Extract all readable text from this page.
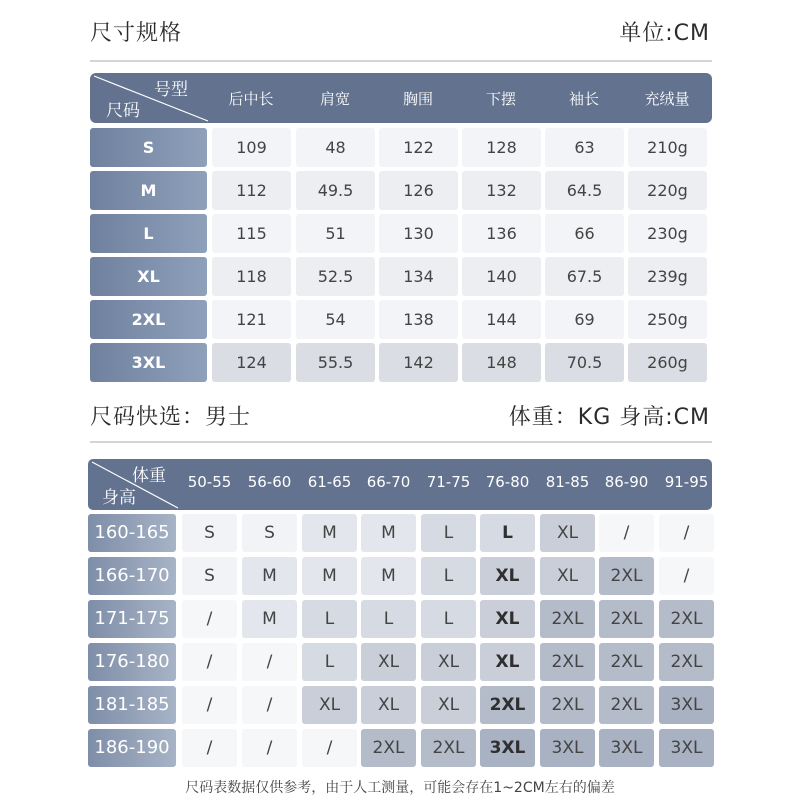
尺寸规格	单位:CM
号型
尺码
后中长	肩宽	胸围	下摆	袖长	充绒量
S	109	48	122	128	63	210g
M	112	49.5	126	132	64.5	220g
L	115	51	130	136	66	230g
XL	118	52.5	134	140	67.5	239g
2XL	121	54	138	144	69	250g
3XL	124	55.5	142	148	70.5	260g
尺码快选：男士	体重：KG 身高:CM
体重
身高
50-55	56-60	61-65	66-70	71-75	76-80	81-85	86-90	91-95
160-165	S	S	M	M	L	L	XL	/	/
166-170	S	M	M	M	L	XL	XL	2XL	/
171-175	/	M	L	L	L	XL	2XL	2XL	2XL
176-180	/	/	L	XL	XL	XL	2XL	2XL	2XL
181-185	/	/	XL	XL	XL	2XL	2XL	2XL	3XL
186-190	/	/	/	2XL	2XL	3XL	3XL	3XL	3XL
尺码表数据仅供参考，由于人工测量，可能会存在1~2CM左右的偏差
